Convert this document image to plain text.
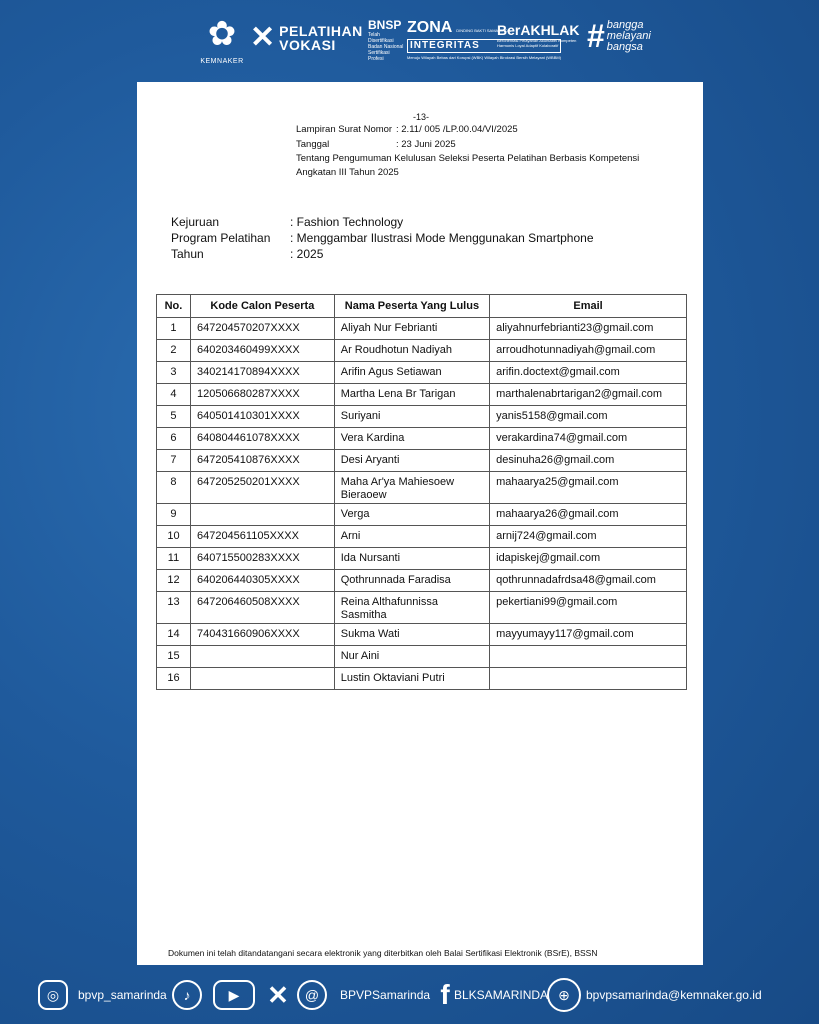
✿
KEMNAKER
✕ PELATIHAN
VOKASI
BNSP
Telah Disertifikasi Badan Nasional Sertifikasi Profesi
ZONA DINDING BAKTI SAMARINDA
INTEGRITAS
Menuju Wilayah Bebas dari Korupsi (WBK) Wilayah Birokrasi Bersih Melayani (WBBM)
BerAKHLAK
Berorientasi Pelayanan Akuntabel Kompeten Harmonis Loyal Adaptif Kolaboratif # bangga
melayani
bangsa
-13-
Lampiran Surat Nomor : 2.11/ 005 /LP.00.04/VI/2025
Tanggal	: 23 Juni 2025
Tentang Pengumuman Kelulusan Seleksi Peserta Pelatihan Berbasis Kompetensi Angkatan III Tahun 2025
Kejuruan	: Fashion Technology
Program Pelatihan : Menggambar Ilustrasi Mode Menggunakan Smartphone
Tahun	: 2025
No.	Kode Calon Peserta	Nama Peserta Yang Lulus	Email
1	647204570207XXXX	Aliyah Nur Febrianti	aliyahnurfebrianti23@gmail.com
2	640203460499XXXX	Ar Roudhotun Nadiyah	arroudhotunnadiyah@gmail.com
3	340214170894XXXX	Arifin Agus Setiawan	arifin.doctext@gmail.com
4	120506680287XXXX	Martha Lena Br Tarigan	marthalenabrtarigan2@gmail.com
5	640501410301XXXX	Suriyani	yanis5158@gmail.com
6	640804461078XXXX	Vera Kardina	verakardina74@gmail.com
7	647205410876XXXX	Desi Aryanti	desinuha26@gmail.com
8	647205250201XXXX	Maha Ar'ya Mahiesoew Bieraoew	mahaarya25@gmail.com
9		Verga	mahaarya26@gmail.com
10	647204561105XXXX	Arni	arnij724@gmail.com
11	640715500283XXXX	Ida Nursanti	idapiskej@gmail.com
12	640206440305XXXX	Qothrunnada Faradisa	qothrunnadafrdsa48@gmail.com
13	647206460508XXXX	Reina Althafunnissa Sasmitha	pekertiani99@gmail.com
14	740431660906XXXX	Sukma Wati	mayyumayy117@gmail.com
15		Nur Aini	
16		Lustin Oktaviani Putri	
Dokumen ini telah ditandatangani secara elektronik yang diterbitkan oleh Balai Sertifikasi Elektronik (BSrE), BSSN
◎	bpvp_samarinda	♪	▶	✕	@	BPVPSamarinda f BLKSAMARINDA ⊕	bpvpsamarinda@kemnaker.go.id
